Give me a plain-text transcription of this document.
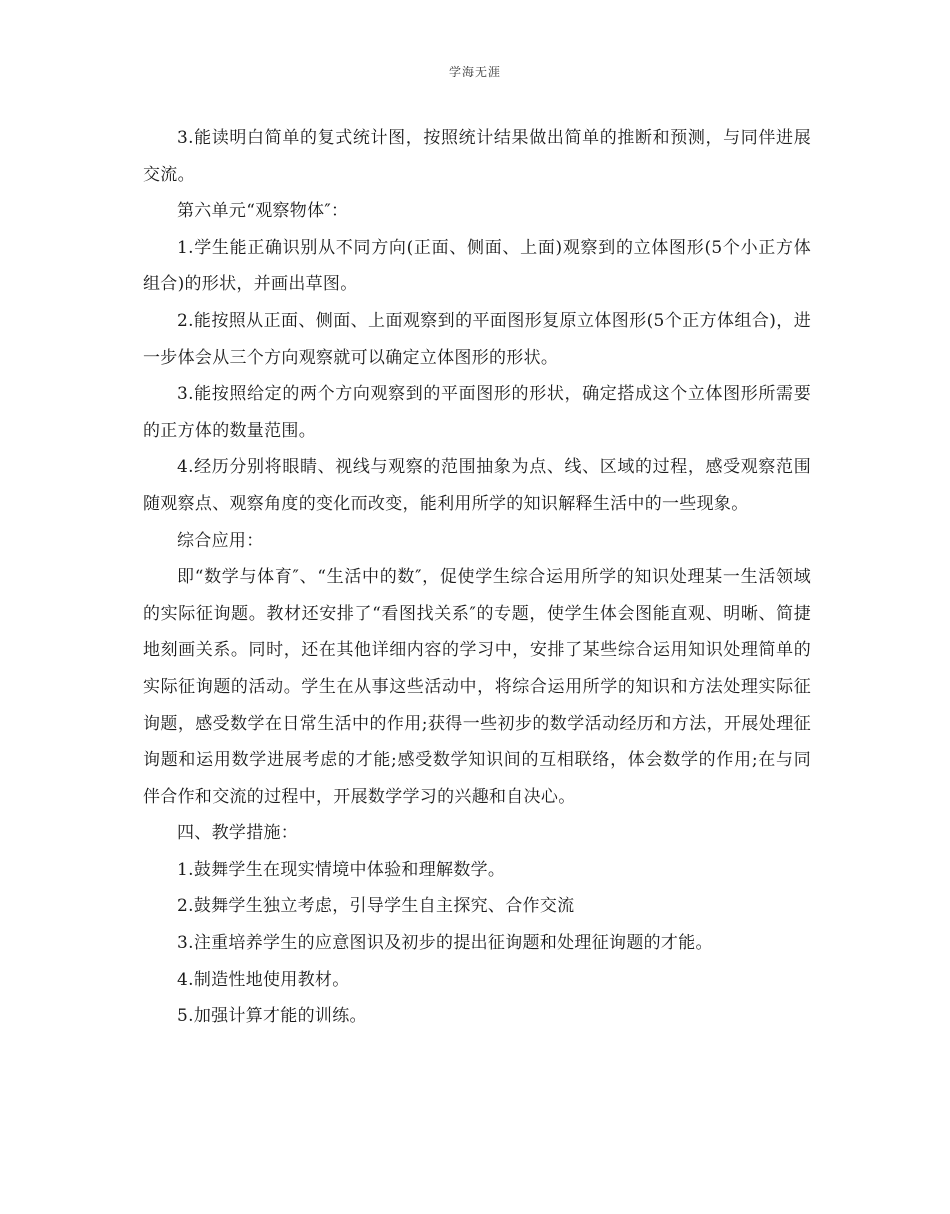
学海无涯

3.能读明白简单的复式统计图，按照统计结果做出简单的推断和预测，与同伴进展交流。

第六单元“观察物体″：

1.学生能正确识别从不同方向(正面、侧面、上面)观察到的立体图形(5个小正方体组合)的形状，并画出草图。

2.能按照从正面、侧面、上面观察到的平面图形复原立体图形(5个正方体组合)，进一步体会从三个方向观察就可以确定立体图形的形状。

3.能按照给定的两个方向观察到的平面图形的形状，确定搭成这个立体图形所需要的正方体的数量范围。

4.经历分别将眼睛、视线与观察的范围抽象为点、线、区域的过程，感受观察范围随观察点、观察角度的变化而改变，能利用所学的知识解释生活中的一些现象。

综合应用：

即“数学与体育″、“生活中的数″，促使学生综合运用所学的知识处理某一生活领域的实际征询题。教材还安排了“看图找关系″的专题，使学生体会图能直观、明晰、简捷地刻画关系。同时，还在其他详细内容的学习中，安排了某些综合运用知识处理简单的实际征询题的活动。学生在从事这些活动中，将综合运用所学的知识和方法处理实际征询题，感受数学在日常生活中的作用;获得一些初步的数学活动经历和方法，开展处理征询题和运用数学进展考虑的才能;感受数学知识间的互相联络，体会数学的作用;在与同伴合作和交流的过程中，开展数学学习的兴趣和自决心。

四、教学措施：

1.鼓舞学生在现实情境中体验和理解数学。

2.鼓舞学生独立考虑，引导学生自主探究、合作交流

3.注重培养学生的应意图识及初步的提出征询题和处理征询题的才能。

4.制造性地使用教材。

5.加强计算才能的训练。
